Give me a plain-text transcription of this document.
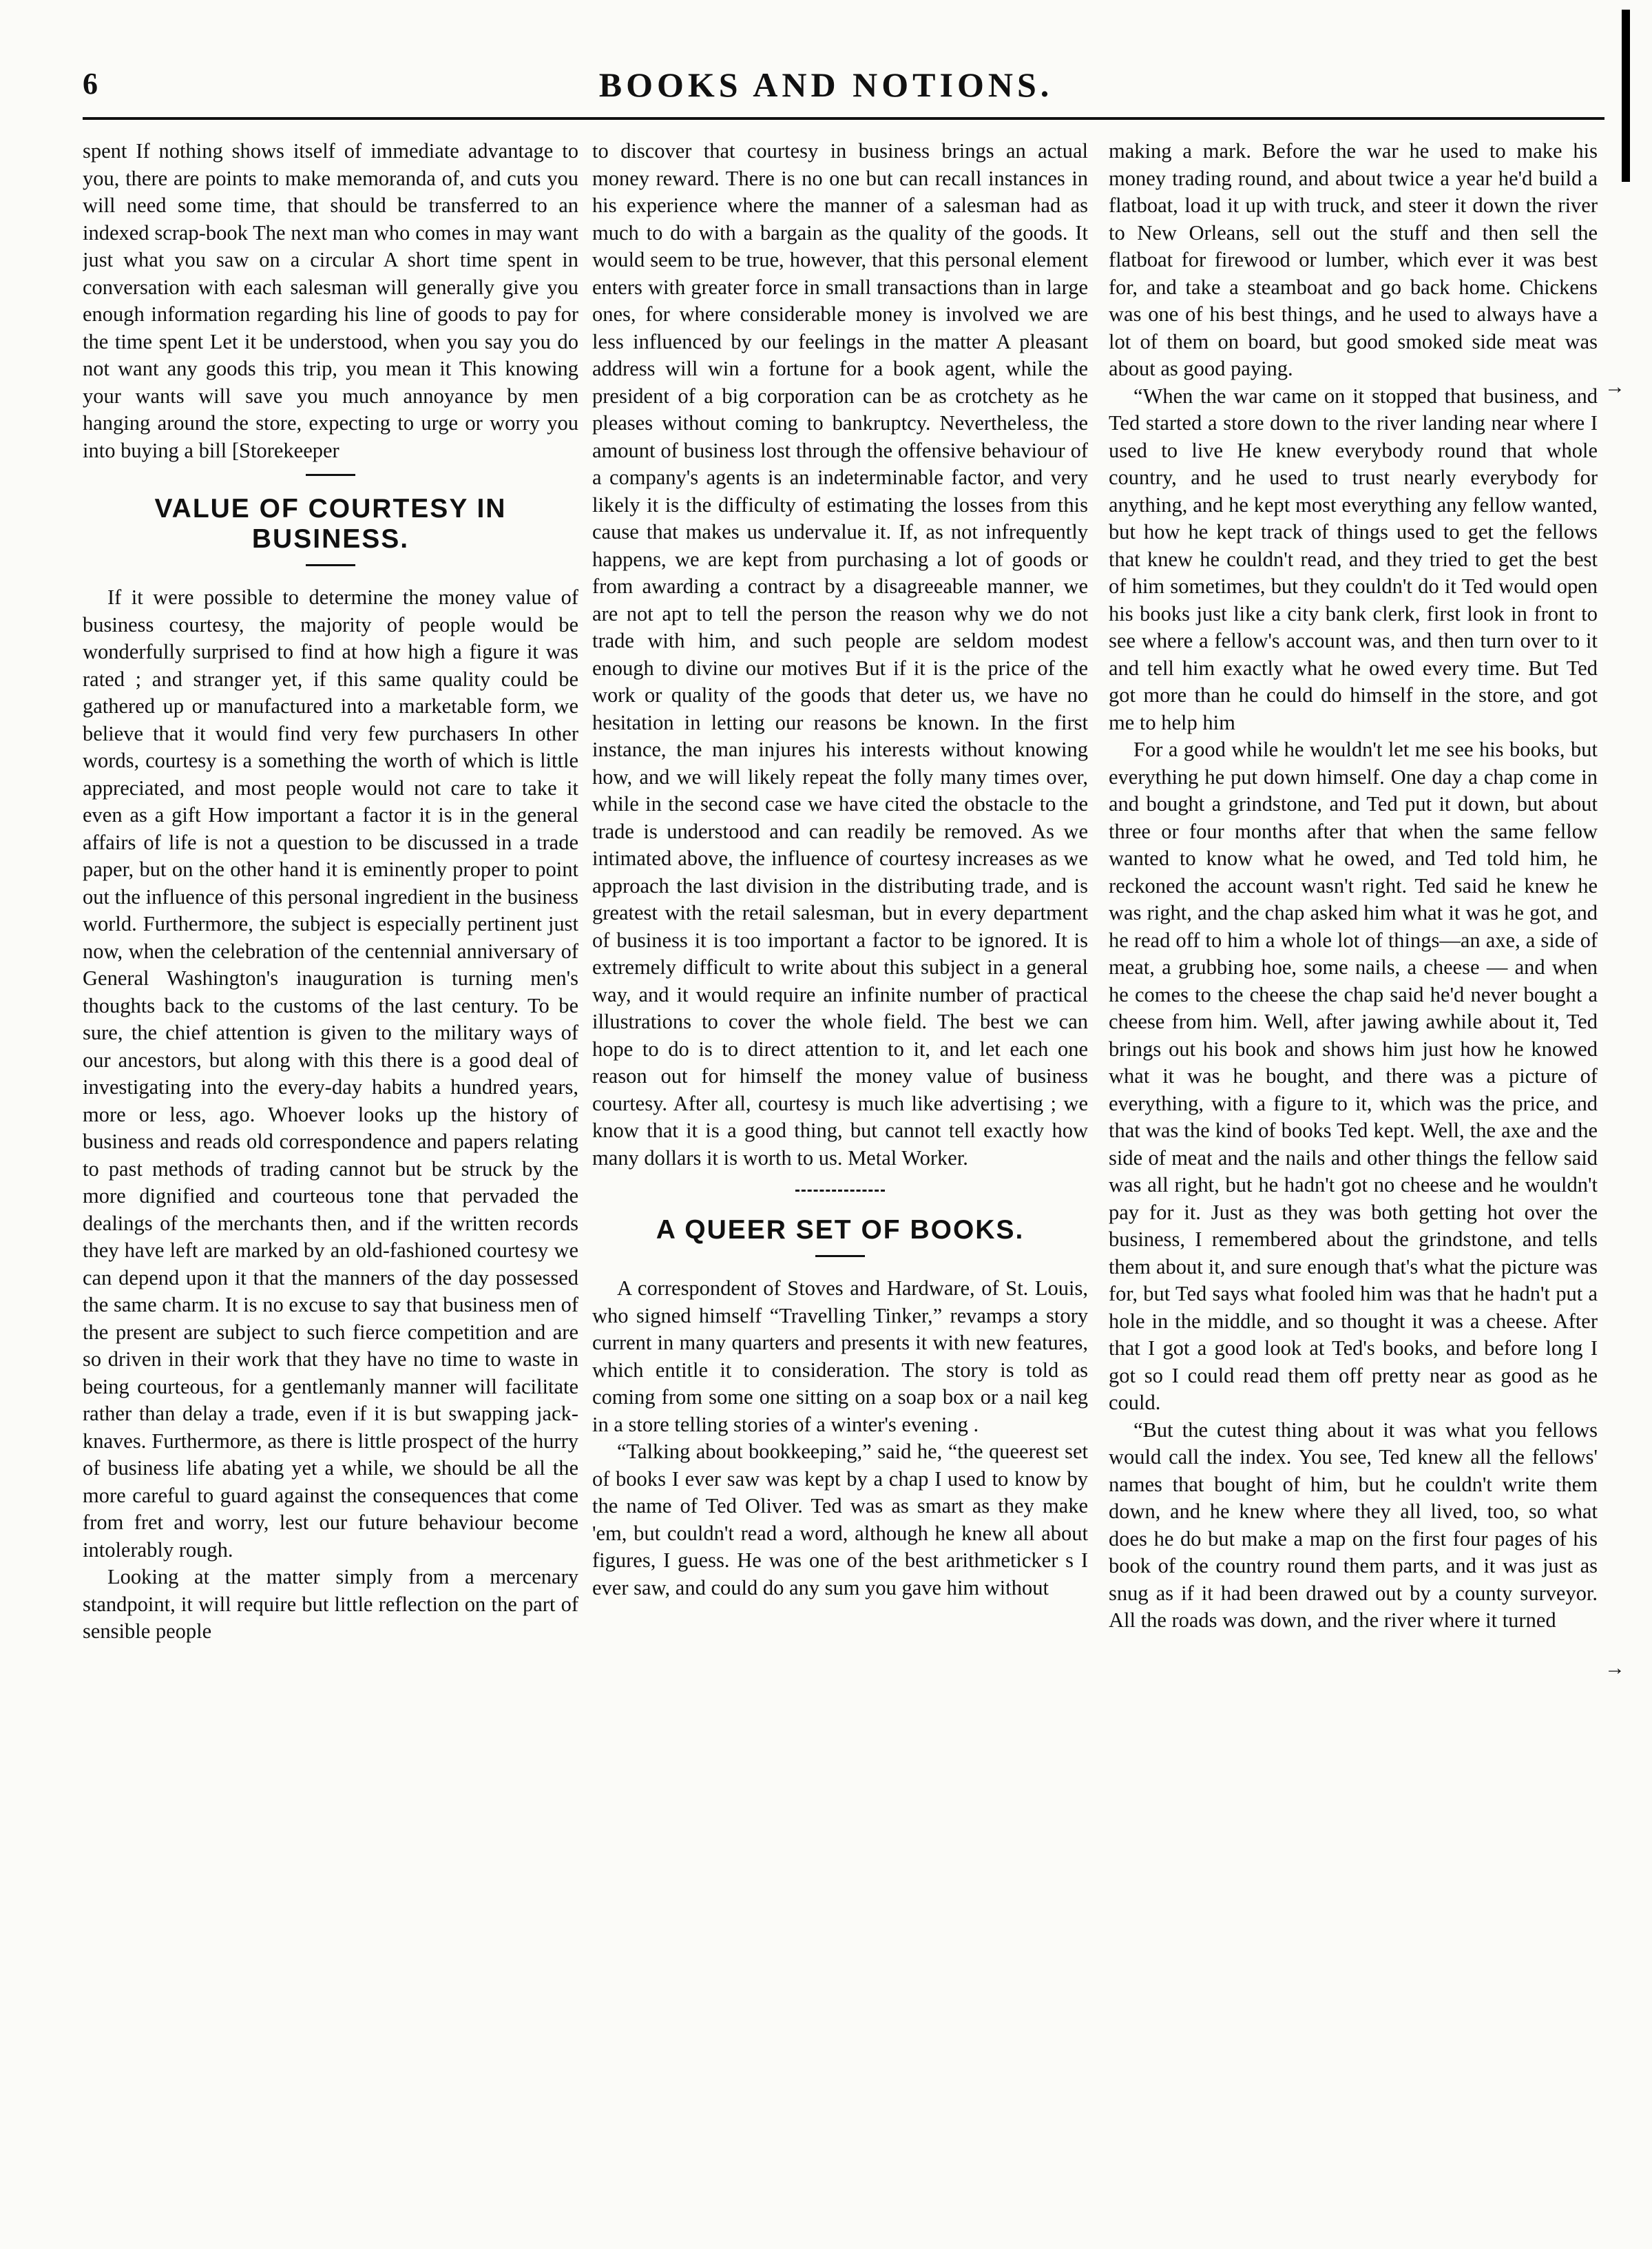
6	BOOKS AND NOTIONS.

spent If nothing shows itself of immediate advantage to you, there are points to make memoranda of, and cuts you will need some time, that should be transferred to an indexed scrap-book The next man who comes in may want just what you saw on a circular A short time spent in conversation with each salesman will generally give you enough information regarding his line of goods to pay for the time spent Let it be understood, when you say you do not want any goods this trip, you mean it This knowing your wants will save you much annoyance by men hanging around the store, expecting to urge or worry you into buying a bill [Storekeeper

VALUE OF COURTESY IN BUSINESS.

If it were possible to determine the money value of business courtesy, the majority of people would be wonderfully surprised to find at how high a figure it was rated ; and stranger yet, if this same quality could be gathered up or manufactured into a marketable form, we believe that it would find very few purchasers In other words, courtesy is a something the worth of which is little appreciated, and most people would not care to take it even as a gift How important a factor it is in the general affairs of life is not a question to be discussed in a trade paper, but on the other hand it is eminently proper to point out the influence of this personal ingredient in the business world. Furthermore, the subject is especially pertinent just now, when the celebration of the centennial anniversary of General Washington's inauguration is turning men's thoughts back to the customs of the last century. To be sure, the chief attention is given to the military ways of our ancestors, but along with this there is a good deal of investigating into the every-day habits a hundred years, more or less, ago. Whoever looks up the history of business and reads old correspondence and papers relating to past methods of trading cannot but be struck by the more dignified and courteous tone that pervaded the dealings of the merchants then, and if the written records they have left are marked by an old-fashioned courtesy we can depend upon it that the manners of the day possessed the same charm. It is no excuse to say that business men of the present are subject to such fierce competition and are so driven in their work that they have no time to waste in being courteous, for a gentlemanly manner will facilitate rather than delay a trade, even if it is but swapping jack-knaves. Furthermore, as there is little prospect of the hurry of business life abating yet a while, we should be all the more careful to guard against the consequences that come from fret and worry, lest our future behaviour become intolerably rough.

Looking at the matter simply from a mercenary standpoint, it will require but little reflection on the part of sensible people

to discover that courtesy in business brings an actual money reward. There is no one but can recall instances in his experience where the manner of a salesman had as much to do with a bargain as the quality of the goods. It would seem to be true, however, that this personal element enters with greater force in small transactions than in large ones, for where considerable money is involved we are less influenced by our feelings in the matter A pleasant address will win a fortune for a book agent, while the president of a big corporation can be as crotchety as he pleases without coming to bankruptcy. Nevertheless, the amount of business lost through the offensive behaviour of a company's agents is an indeterminable factor, and very likely it is the difficulty of estimating the losses from this cause that makes us undervalue it. If, as not infrequently happens, we are kept from purchasing a lot of goods or from awarding a contract by a disagreeable manner, we are not apt to tell the person the reason why we do not trade with him, and such people are seldom modest enough to divine our motives But if it is the price of the work or quality of the goods that deter us, we have no hesitation in letting our reasons be known. In the first instance, the man injures his interests without knowing how, and we will likely repeat the folly many times over, while in the second case we have cited the obstacle to the trade is understood and can readily be removed. As we intimated above, the influence of courtesy increases as we approach the last division in the distributing trade, and is greatest with the retail salesman, but in every department of business it is too important a factor to be ignored. It is extremely difficult to write about this subject in a general way, and it would require an infinite number of practical illustrations to cover the whole field. The best we can hope to do is to direct attention to it, and let each one reason out for himself the money value of business courtesy. After all, courtesy is much like advertising ; we know that it is a good thing, but cannot tell exactly how many dollars it is worth to us. Metal Worker.

A QUEER SET OF BOOKS.

A correspondent of Stoves and Hardware, of St. Louis, who signed himself “Travelling Tinker,” revamps a story current in many quarters and presents it with new features, which entitle it to consideration. The story is told as coming from some one sitting on a soap box or a nail keg in a store telling stories of a winter's evening .

“Talking about bookkeeping,” said he, “the queerest set of books I ever saw was kept by a chap I used to know by the name of Ted Oliver. Ted was as smart as they make 'em, but couldn't read a word, although he knew all about figures, I guess. He was one of the best arithmeticker s I ever saw, and could do any sum you gave him without

making a mark. Before the war he used to make his money trading round, and about twice a year he'd build a flatboat, load it up with truck, and steer it down the river to New Orleans, sell out the stuff and then sell the flatboat for firewood or lumber, which ever it was best for, and take a steamboat and go back home. Chickens was one of his best things, and he used to always have a lot of them on board, but good smoked side meat was about as good paying.

“When the war came on it stopped that business, and Ted started a store down to the river landing near where I used to live He knew everybody round that whole country, and he used to trust nearly everybody for anything, and he kept most everything any fellow wanted, but how he kept track of things used to get the fellows that knew he couldn't read, and they tried to get the best of him sometimes, but they couldn't do it Ted would open his books just like a city bank clerk, first look in front to see where a fellow's account was, and then turn over to it and tell him exactly what he owed every time. But Ted got more than he could do himself in the store, and got me to help him

For a good while he wouldn't let me see his books, but everything he put down himself. One day a chap come in and bought a grindstone, and Ted put it down, but about three or four months after that when the same fellow wanted to know what he owed, and Ted told him, he reckoned the account wasn't right. Ted said he knew he was right, and the chap asked him what it was he got, and he read off to him a whole lot of things—an axe, a side of meat, a grubbing hoe, some nails, a cheese — and when he comes to the cheese the chap said he'd never bought a cheese from him. Well, after jawing awhile about it, Ted brings out his book and shows him just how he knowed what it was he bought, and there was a picture of everything, with a figure to it, which was the price, and that was the kind of books Ted kept. Well, the axe and the side of meat and the nails and other things the fellow said was all right, but he hadn't got no cheese and he wouldn't pay for it. Just as they was both getting hot over the business, I remembered about the grindstone, and tells them about it, and sure enough that's what the picture was for, but Ted says what fooled him was that he hadn't put a hole in the middle, and so thought it was a cheese. After that I got a good look at Ted's books, and before long I got so I could read them off pretty near as good as he could.

“But the cutest thing about it was what you fellows would call the index. You see, Ted knew all the fellows' names that bought of him, but he couldn't write them down, and he knew where they all lived, too, so what does he do but make a map on the first four pages of his book of the country round them parts, and it was just as snug as if it had been drawed out by a county surveyor. All the roads was down, and the river where it turned

→
→
